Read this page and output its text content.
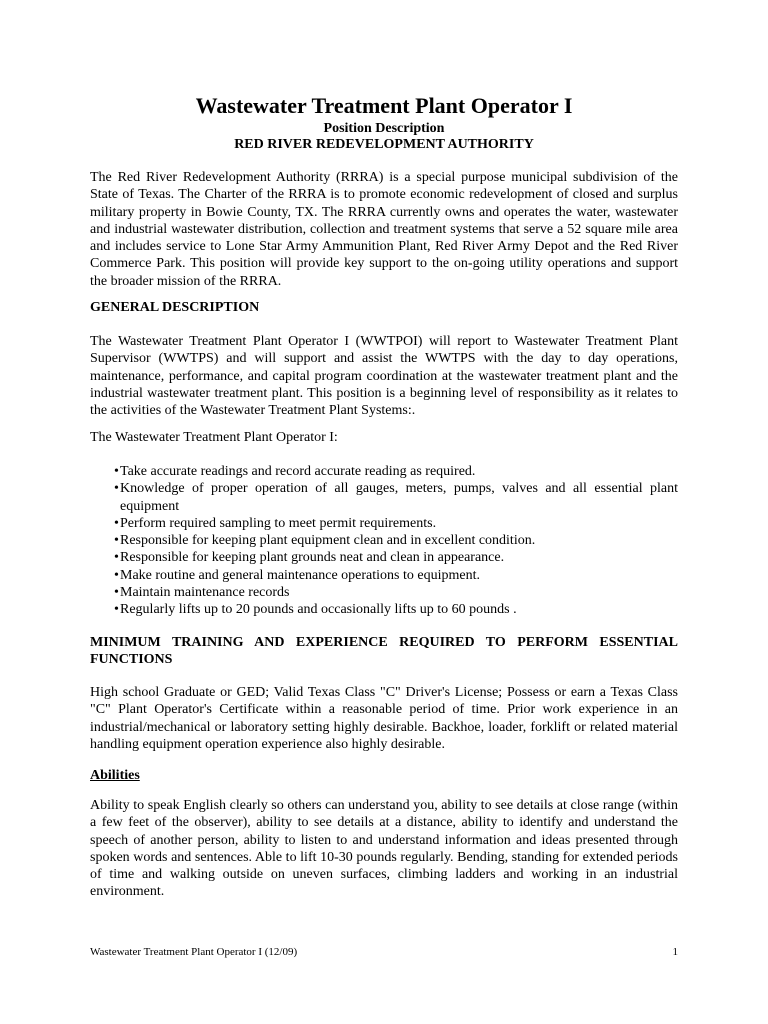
Wastewater Treatment Plant Operator I
Position Description
RED RIVER REDEVELOPMENT AUTHORITY

The Red River Redevelopment Authority (RRRA) is a special purpose municipal subdivision of the State of Texas. The Charter of the RRRA is to promote economic redevelopment of closed and surplus military property in Bowie County, TX. The RRRA currently owns and operates the water, wastewater and industrial wastewater distribution, collection and treatment systems that serve a 52 square mile area and includes service to Lone Star Army Ammunition Plant, Red River Army Depot and the Red River Commerce Park. This position will provide key support to the on-going utility operations and support the broader mission of the RRRA.

GENERAL DESCRIPTION

The Wastewater Treatment Plant Operator I (WWTPOI) will report to Wastewater Treatment Plant Supervisor (WWTPS) and will support and assist the WWTPS with the day to day operations, maintenance, performance, and capital program coordination at the wastewater treatment plant and the industrial wastewater treatment plant. This position is a beginning level of responsibility as it relates to the activities of the Wastewater Treatment Plant Systems:.

The Wastewater Treatment Plant Operator I:

• Take accurate readings and record accurate reading as required.
• Knowledge of proper operation of all gauges, meters, pumps, valves and all essential plant equipment
• Perform required sampling to meet permit requirements.
• Responsible for keeping plant equipment clean and in excellent condition.
• Responsible for keeping plant grounds neat and clean in appearance.
• Make routine and general maintenance operations to equipment.
• Maintain maintenance records
• Regularly lifts up to 20 pounds and occasionally lifts up to 60 pounds .

MINIMUM TRAINING AND EXPERIENCE REQUIRED TO PERFORM ESSENTIAL FUNCTIONS

High school Graduate or GED; Valid Texas Class "C" Driver's License; Possess or earn a Texas Class "C" Plant Operator's Certificate within a reasonable period of time. Prior work experience in an industrial/mechanical or laboratory setting highly desirable. Backhoe, loader, forklift or related material handling equipment operation experience also highly desirable.

Abilities

Ability to speak English clearly so others can understand you, ability to see details at close range (within a few feet of the observer), ability to see details at a distance, ability to identify and understand the speech of another person, ability to listen to and understand information and ideas presented through spoken words and sentences. Able to lift 10-30 pounds regularly. Bending, standing for extended periods of time and walking outside on uneven surfaces, climbing ladders and working in an industrial environment.

Wastewater Treatment Plant Operator I (12/09)	1
